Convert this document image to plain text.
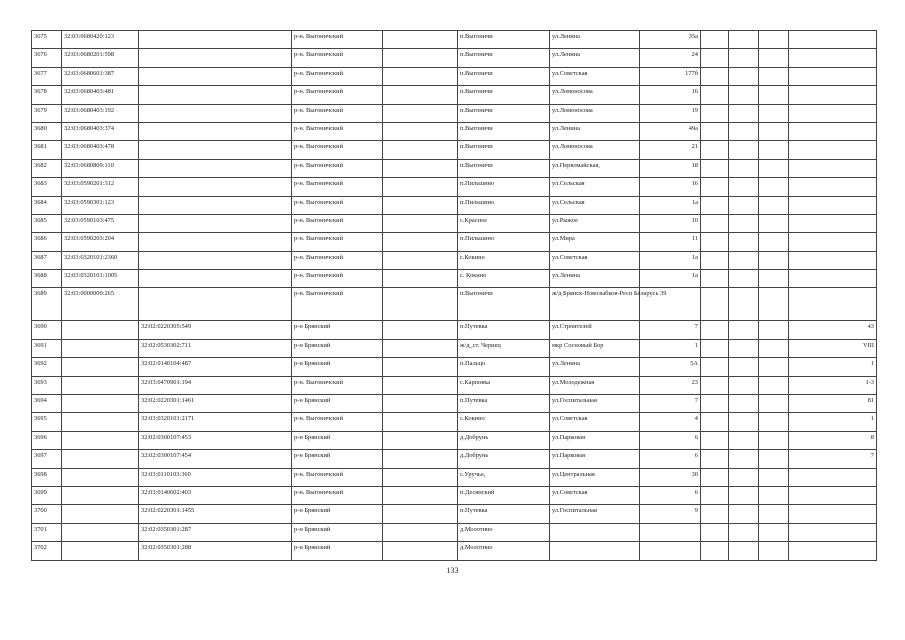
3675	32:03:0680420:123		р-н. Выгоничский		п.Выгоничи	ул.Ленина	35а				
3676	32:03:0680201:598		р-н. Выгоничский		п.Выгоничи	ул.Ленина	24				
3677	32:03:0680601:387		р-н. Выгоничский		п.Выгоничи	ул.Советская	177б				
3678	32:03:0680403:481		р-н. Выгоничский		п.Выгоничи	ул.Ломоносова	16				
3679	32:03:0680403:192		р-н. Выгоничский		п.Выгоничи	ул.Ломоносова	19				
3680	32:03:0680403:374		р-н. Выгоничский		п.Выгоничи	ул.Ленина	49а				
3681	32:03:0680403:478		р-н. Выгоничский		п.Выгоничи	ул.Ломоносова	21				
3682	32:03:0680809:110		р-н. Выгоничский		п.Выгоничи	ул.Первомайская,	18				
3683	32:03:0590201:312		р-н. Выгоничский		п.Пильшино	ул.Сельская	16				
3684	32:03:0590301:123		р-н. Выгоничский		п.Пильшино	ул.Сельская	1а				
3685	32:03:0590103:475		р-н. Выгоничский		с.Красное	ул.Рыжое	10				
3686	32:03:0590203:204		р-н. Выгоничский		п.Пильшино	ул.Мира	11				
3687	32:03:0320101:2360		р-н. Выгоничский		с.Кокино	ул.Советская	1а				
3688	32:03:0320101:1005		р-н. Выгоничский		с. Кокино	ул.Ленина	1а				
3689	32:03:0000000:265		р-н. Выгоничский		п.Выгоничи	ж/д Брянск-Новозыбков-Респ Беларусь 39					
3690		32:02:0220305:549	р-н Брянский		п.Путевка	ул.Строителей	7				43
3691		32:02:0530302:711	р-н Брянский		ж/д_ст. Чернец	мкр Сосновый Бор	1				VIII
3692		32:02:0140104:487	р-н Брянский		п.Пальцо	ул.Ленина	5А				1
3693		32:03:0470901:194	р-н. Выгоничский		с.Карповка	ул.Молодежная	23				1-3
3694		32:02:0220301:1461	р-н Брянский		п.Путевка	ул.Госпитальная	7				81
3695		32:03:0320101:2171	р-н. Выгоничский		с.Кокино	ул.Советская	4				1
3696		32:02:0300107:453	р-н Брянский		д.Добрунь	ул.Парковая	6				8
3697		32:02:0300107:454	р-н Брянский		д.Добрунь	ул.Парковая	6				7
3698		32:03:0110103:360	р-н. Выгоничский		с.Уручье,	ул.Центральная	30				
3699		32:03:0140602:403	р-н. Выгоничский		п.Десянский	ул.Советская	6				
3700		32:02:0220301:1455	р-н Брянский		п.Путевка	ул.Госпитальная	9				
3701		32:02:0350301:287	р-н Брянский		д.Молотино						
3702		32:02:0350301:288	р-н Брянский		д.Молотино						
133
